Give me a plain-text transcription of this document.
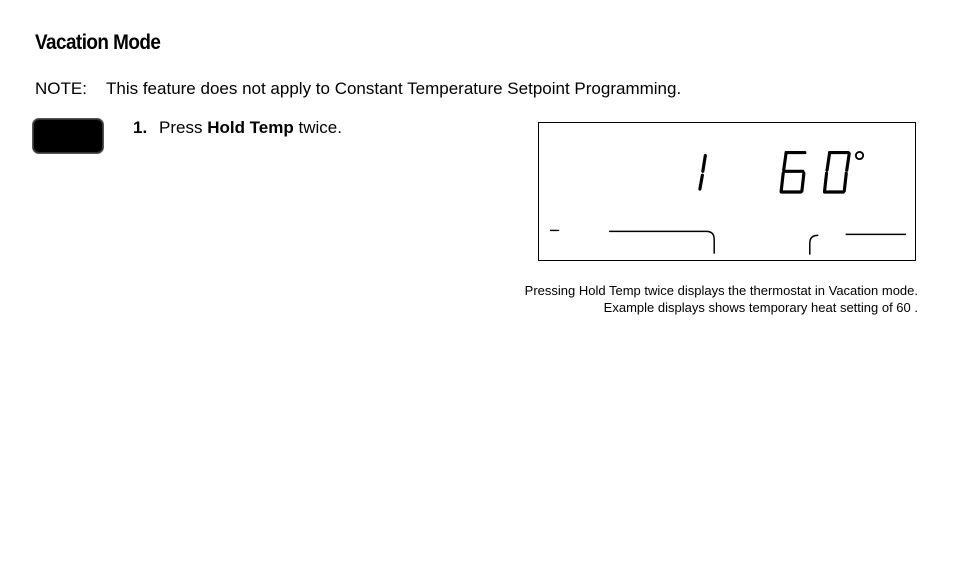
Vacation Mode
NOTE: This feature does not apply to Constant Temperature Setpoint Programming.
1. Press Hold Temp twice.
°
Pressing Hold Temp twice displays the thermostat in Vacation mode.
Example displays shows temporary heat setting of 60 .
